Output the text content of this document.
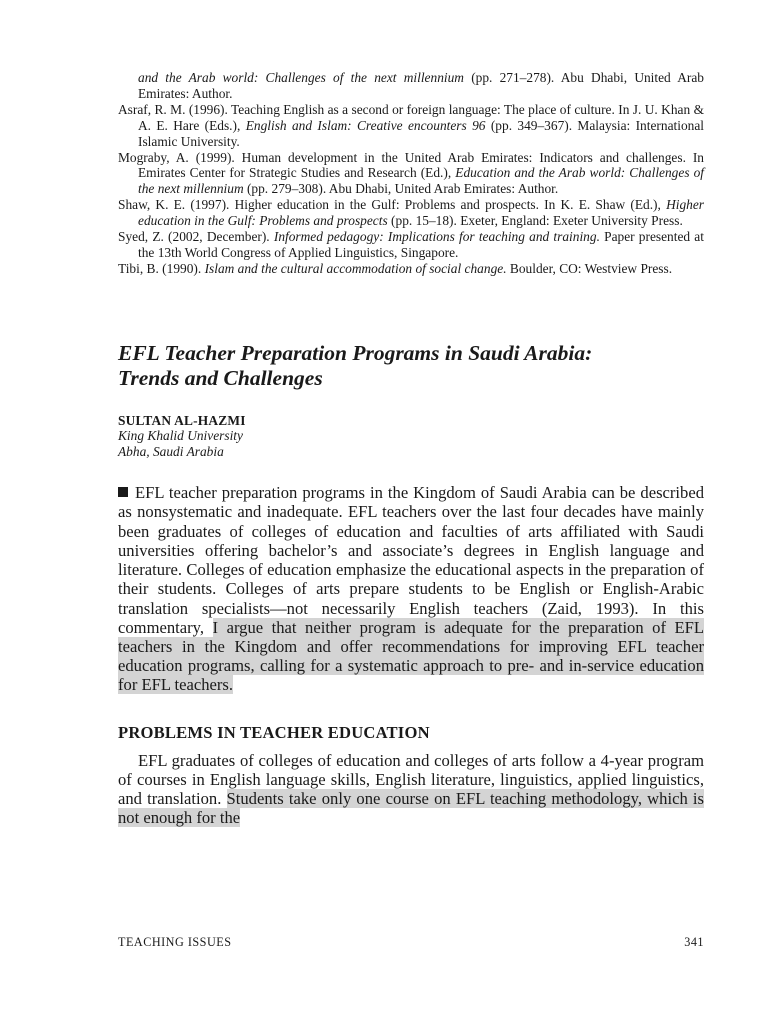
and the Arab world: Challenges of the next millennium (pp. 271–278). Abu Dhabi, United Arab Emirates: Author.

Asraf, R. M. (1996). Teaching English as a second or foreign language: The place of culture. In J. U. Khan & A. E. Hare (Eds.), English and Islam: Creative encounters 96 (pp. 349–367). Malaysia: International Islamic University.

Mograby, A. (1999). Human development in the United Arab Emirates: Indicators and challenges. In Emirates Center for Strategic Studies and Research (Ed.), Education and the Arab world: Challenges of the next millennium (pp. 279–308). Abu Dhabi, United Arab Emirates: Author.

Shaw, K. E. (1997). Higher education in the Gulf: Problems and prospects. In K. E. Shaw (Ed.), Higher education in the Gulf: Problems and prospects (pp. 15–18). Exeter, England: Exeter University Press.

Syed, Z. (2002, December). Informed pedagogy: Implications for teaching and training. Paper presented at the 13th World Congress of Applied Linguistics, Singapore.

Tibi, B. (1990). Islam and the cultural accommodation of social change. Boulder, CO: Westview Press.

EFL Teacher Preparation Programs in Saudi Arabia:
Trends and Challenges
SULTAN AL-HAZMI
King Khalid University
Abha, Saudi Arabia

EFL teacher preparation programs in the Kingdom of Saudi Arabia can be described as nonsystematic and inadequate. EFL teachers over the last four decades have mainly been graduates of colleges of education and faculties of arts affiliated with Saudi universities offering bachelor’s and associate’s degrees in English language and literature. Colleges of education emphasize the educational aspects in the preparation of their students. Colleges of arts prepare students to be English or English-Arabic translation specialists—not necessarily English teachers (Zaid, 1993). In this commentary, I argue that neither program is adequate for the preparation of EFL teachers in the Kingdom and offer recommendations for improving EFL teacher education programs, calling for a systematic approach to pre- and in-service education for EFL teachers.

PROBLEMS IN TEACHER EDUCATION

EFL graduates of colleges of education and colleges of arts follow a 4-year program of courses in English language skills, English literature, linguistics, applied linguistics, and translation. Students take only one course on EFL teaching methodology, which is not enough for the

TEACHING ISSUES	341
